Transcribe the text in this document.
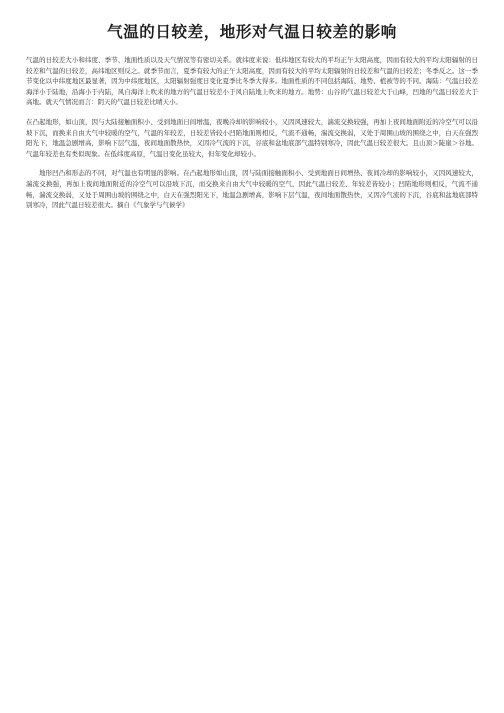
气温的日较差，地形对气温日较差的影响

气温的日较差大小和纬度、季节、地面性质以及天气情况等有密切关系。就纬度来说：低纬地区有较大的平均正午太阳高度，因而有较大的平均太阳辐射的日较差和气温的日较差，高纬地区则反之。就季节而言，夏季有较大的正午太阳高度，因而有较大的平均太阳辐射的日较差和气温的日较差；冬季反之。这一季节变化以中纬度地区最显著，因为中纬度地区，太阳辐射强度日变化夏季比冬季大得多。地面性质的不同包括海陆、地势、植被等的不同。海陆：气温日较差海洋小于陆地，沿海小于内陆，风自海洋上吹来的地方的气温日较差小于风自陆地上吹来的地方。地势：山谷的气温日较差大于山峰，凹地的气温日较差大于高地。就天气情况而言：阴天的气温日较差比晴天小。

在凸起地形，如山顶，因与大陆接触面积小、受到地面日间增温，夜晚冷却的影响较小，又因风速较大，湍流交换较强，再加上夜间地面附近的冷空气可以沿坡下沉，而换来自由大气中较暖的空气，气温的年较差，日较差皆较小凹陷地面则相反，气流不通畅，湍流交换弱，又处于周围山坡的围绕之中，白天在强烈阳光下，地温急剧增高，影响下层气温，夜间地面散热快，又因冷气流的下沉，谷底和盆地底部气温特别寒冷，因此气温日较差很大。且山顶＞陡崖＞谷地。气温年较差也有类似现象。在低纬度高原，气温日变化虽较大，但年变化却较小。

地形凹凸和形态的不同，对气温也有明显的影响。在凸起地形如山顶，因与陆面接触面积小、受到地面日间增热、夜间冷却的影响较小，又因风速较大，湍流交换强，再加上夜间地面附近的冷空气可以沿坡下沉，而交换来自由大气中较暖的空气，因此气温日较差、年较差皆较小；凹陷地形则相反，气流不通畅，湍流交换弱，又处于周围山坡的围绕之中，白天在强烈阳光下，地温急剧增高，影响下层气温，夜间地面散热快，又因冷气流的下沉，谷底和盆地底部特别寒冷，因此气温日较差很大。摘自《气象学与气候学》
